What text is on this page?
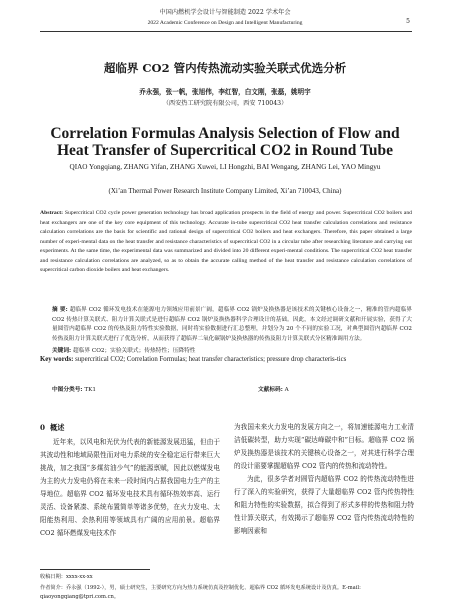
中国内燃机学会设计与智能制造 2022 学术年会
2022 Academic Conference on Design and Intelligent Manufacturing	5
超临界 CO2 管内传热流动实验关联式优选分析
乔永强，张一帆，张旭伟，李红智，白文刚，张磊，姚明宇
（西安热工研究院有限公司，西安 710043）
Correlation Formulas Analysis Selection of Flow and Heat Transfer of Supercritical CO2 in Round Tube
QIAO Yongqiang, ZHANG Yifan, ZHANG Xuwei, LI Hongzhi, BAI Wengang, ZHANG Lei, YAO Mingyu
(Xi’an Thermal Power Research Institute Company Limited, Xi’an 710043, China)
Abstract: Supercritical CO2 cycle power generation technology has broad application prospects in the field of energy and power. Supercritical CO2 boilers and heat exchangers are one of the key core equipment of this technology. Accurate in-tube supercritical CO2 heat transfer calculation correlations and resistance calculation correlations are the basis for scientific and rational design of supercritical CO2 boilers and heat exchangers. Therefore, this paper obtained a large number of experi-mental data on the heat transfer and resistance characteristics of supercritical CO2 in a circular tube after researching literature and carrying out experiments. At the same time, the experimental data was summarized and divided into 20 different experi-mental conditions. The supercritical CO2 heat transfer and resistance calculation correlations are analyzed, so as to obtain the accurate calling method of the heat transfer and resistance calculation correlations of supercritical carbon dioxide boilers and heat exchangers.
摘 要: 超临界 CO2 循环发电技术在能源电力领域应用前景广阔，超临界 CO2 锅炉及换热器是该技术的关键核心设备之一，精准的管内超临界 CO2 传热计算关联式、阻力计算关联式是进行超临界 CO2 锅炉及换热器科学合理设计的基础。因此，本文经过调研文献和开展实验，获得了大量圆管内超临界 CO2 的传热及阻力特性实验数据，同时将实验数据进行汇总整理，并划分为 20 个不同的实验工况，对典型圆管内超临界 CO2 传热及阻力计算关联式进行了优选分析，从而获得了超临界二氧化碳锅炉及换热器的传热及阻力计算关联式分区精准调用方法。
关键词: 超临界 CO2；实验关联式；传热特性；压降特性
Key words: supercritical CO2; Correlation Formulas; heat transfer characteristics; pressure drop characteris-tics
中图分类号: TK1	文献标码: A
0 概述

近年来，以风电和光伏为代表的新能源发展迅猛，但由于其波动性和地域局限性而对电力系统的安全稳定运行带来巨大挑战，加之我国“多煤贫油少气”的能源禀赋，因此以燃煤发电为主的火力发电仍将在未来一段时间内占据我国电力生产的主导地位。超临界 CO2 循环发电技术具有循环热效率高、运行灵活、设备紧凑、系统布置简单等诸多优势，在火力发电、太阳能热利用、余热利用等领域具有广阔的应用前景。超临界 CO2 循环燃煤发电技术作

为我国未来火力发电的发展方向之一，将加速能源电力工业清洁低碳转型，助力实现“碳达峰碳中和”目标。超临界 CO2 锅炉及换热器是该技术的关键核心设备之一，对其进行科学合理的设计需要掌握超临界 CO2 管内的传热和流动特性。

为此，很多学者对圆管内超临界 CO2 的传热流动特性进行了深入的实验研究，获得了大量超临界 CO2 管内传热特性和阻力特性的实验数据，拟合得到了形式多样的传热和阻力特性计算关联式，有效揭示了超临界 CO2 管内传热流动特性的影响因素和

收稿日期：xxxx-xx-xx
作者简介：乔永强（1992-），男，硕士研究生，主要研究方向为热力系统仿真及控制优化、超临界 CO2 循环发电系统设计及仿真。E-mail: qiaoyongqiang@tpri.com.cn。
